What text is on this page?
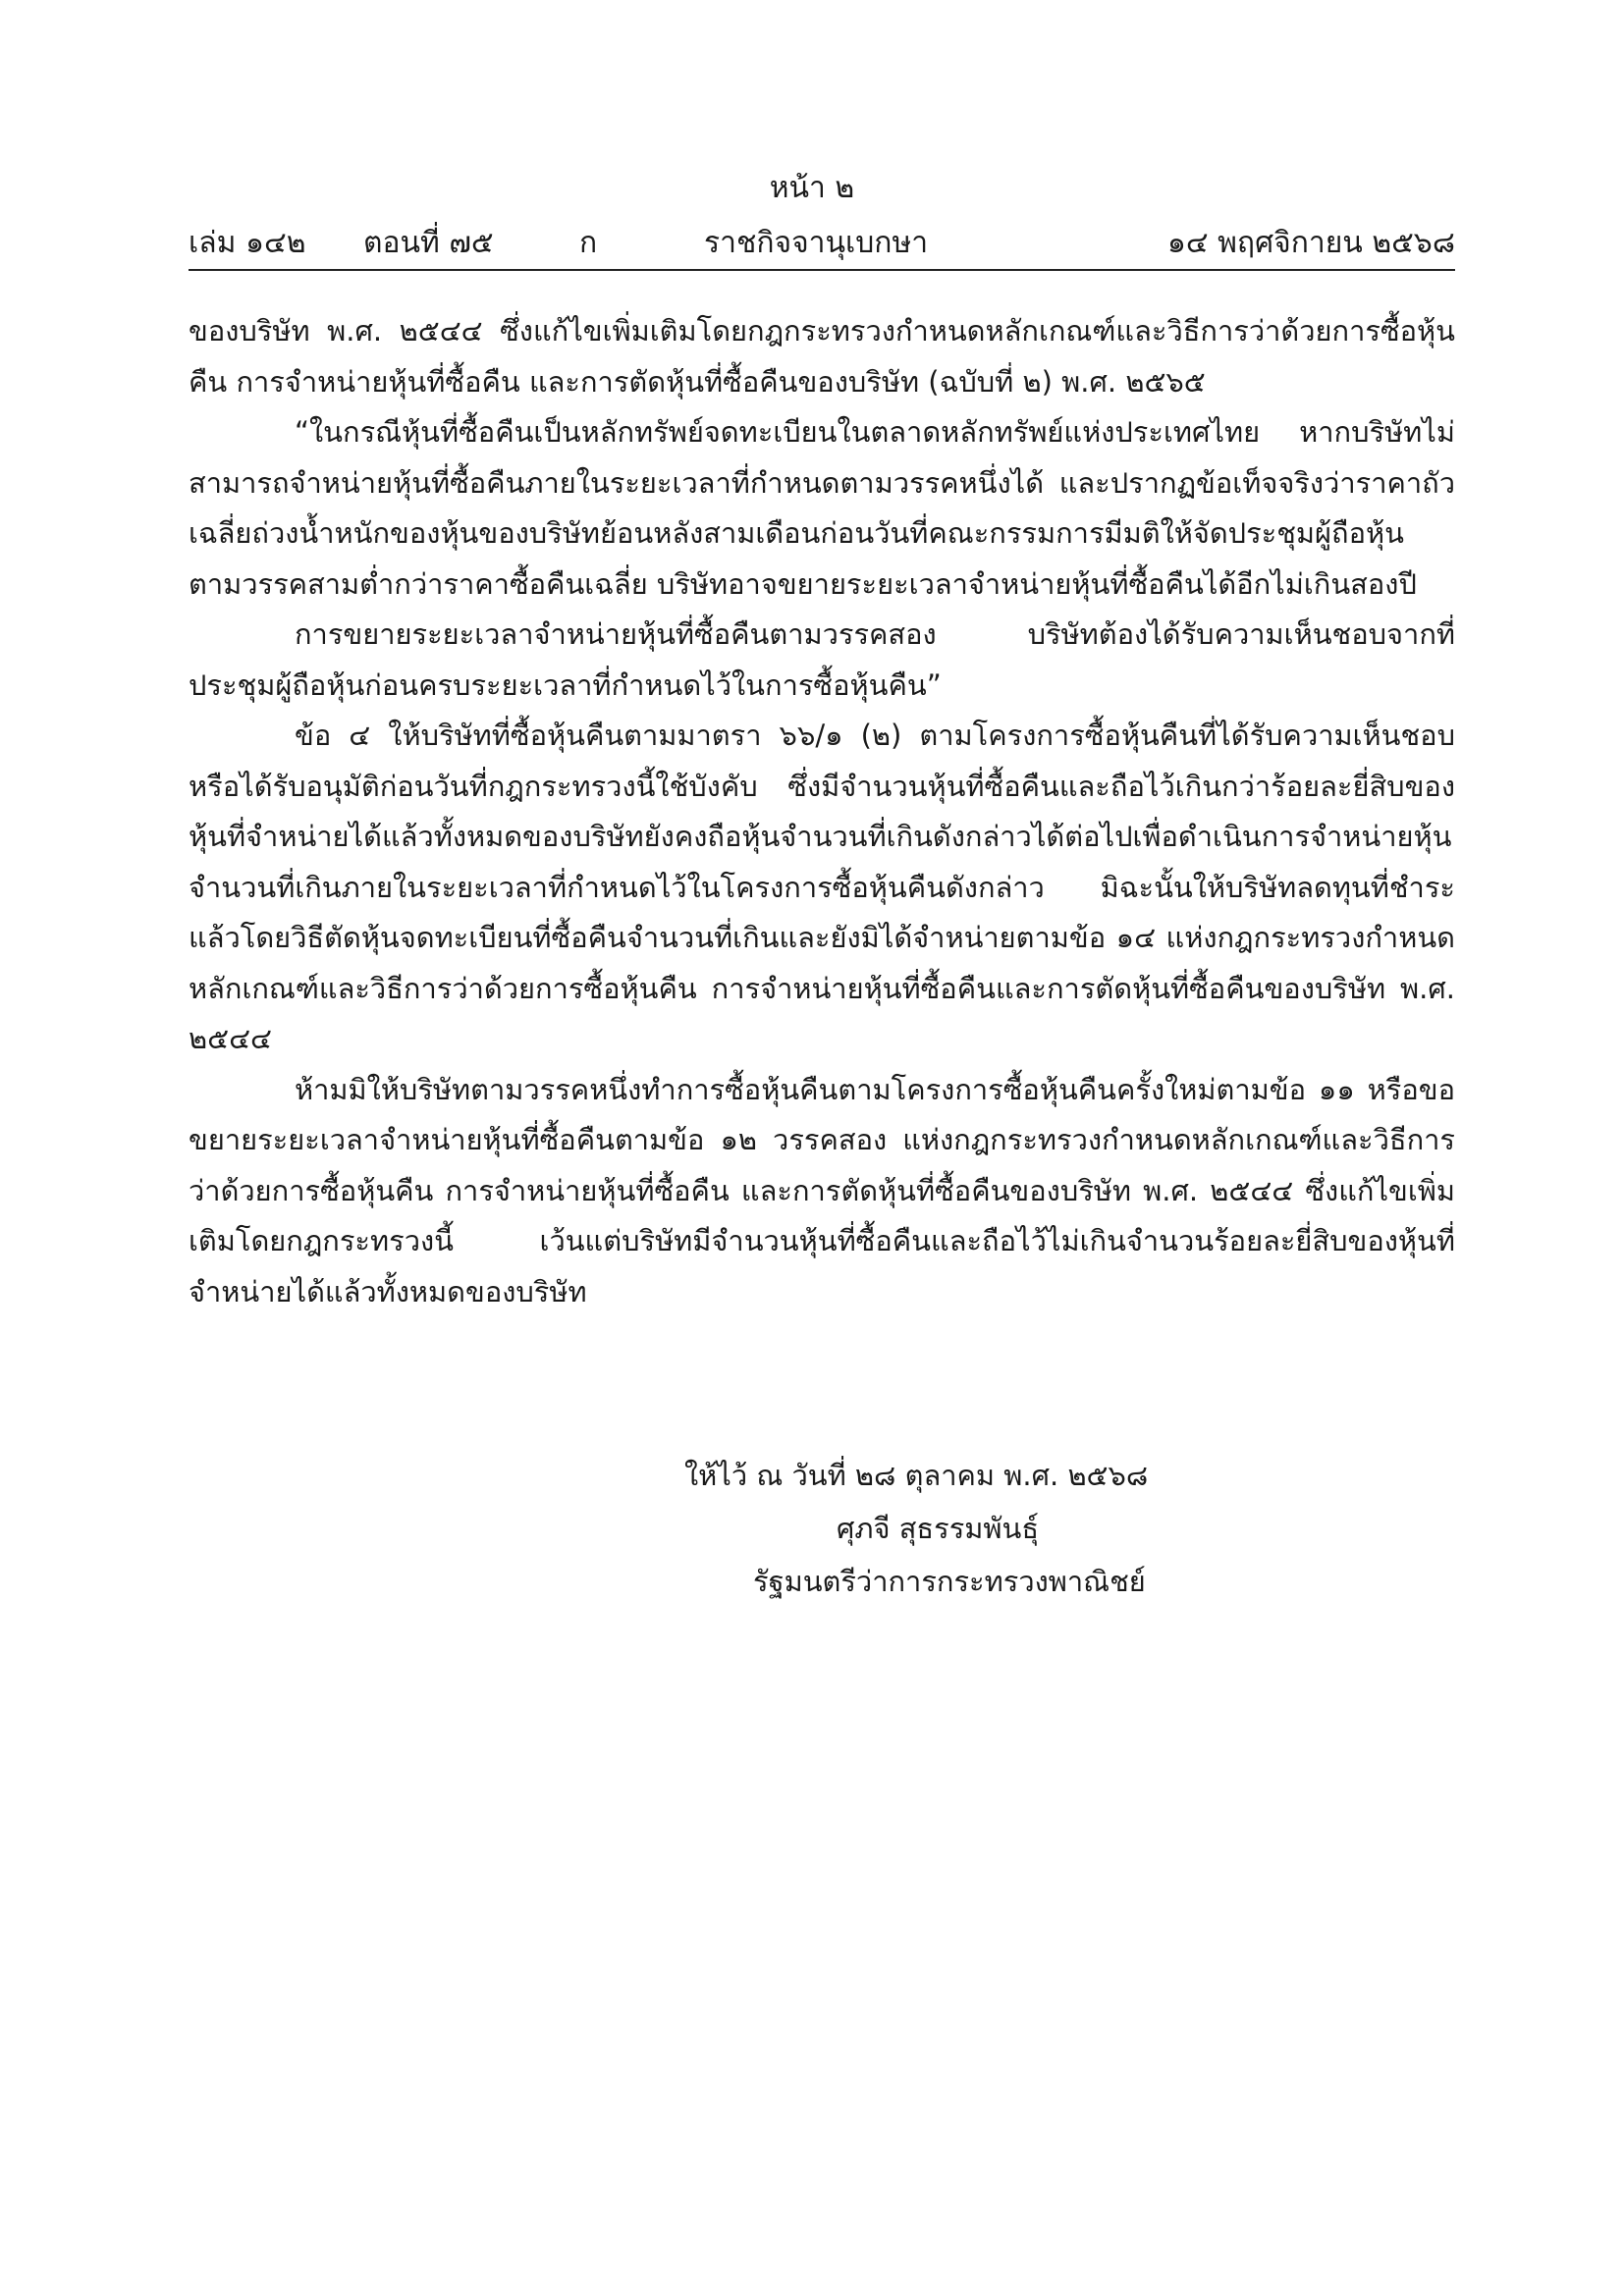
หน้า ๒
เล่ม ๑๔๒ ตอนที่ ๗๕	ก	ราชกิจจานุเบกษา	๑๔ พฤศจิกายน ๒๕๖๘

ของบริษัท พ.ศ. ๒๕๔๔ ซึ่งแก้ไขเพิ่มเติมโดยกฎกระทรวงกำหนดหลักเกณฑ์และวิธีการว่าด้วยการซื้อหุ้นคืน การจำหน่ายหุ้นที่ซื้อคืน และการตัดหุ้นที่ซื้อคืนของบริษัท (ฉบับที่ ๒) พ.ศ. ๒๕๖๕

“ในกรณีหุ้นที่ซื้อคืนเป็นหลักทรัพย์จดทะเบียนในตลาดหลักทรัพย์แห่งประเทศไทย หากบริษัทไม่สามารถจำหน่ายหุ้นที่ซื้อคืนภายในระยะเวลาที่กำหนดตามวรรคหนึ่งได้ และปรากฏข้อเท็จจริงว่าราคาถัวเฉลี่ยถ่วงน้ำหนักของหุ้นของบริษัทย้อนหลังสามเดือนก่อนวันที่คณะกรรมการมีมติให้จัดประชุมผู้ถือหุ้นตามวรรคสามต่ำกว่าราคาซื้อคืนเฉลี่ย บริษัทอาจขยายระยะเวลาจำหน่ายหุ้นที่ซื้อคืนได้อีกไม่เกินสองปี

การขยายระยะเวลาจำหน่ายหุ้นที่ซื้อคืนตามวรรคสอง บริษัทต้องได้รับความเห็นชอบจากที่ประชุมผู้ถือหุ้นก่อนครบระยะเวลาที่กำหนดไว้ในการซื้อหุ้นคืน”

ข้อ ๔ ให้บริษัทที่ซื้อหุ้นคืนตามมาตรา ๖๖/๑ (๒) ตามโครงการซื้อหุ้นคืนที่ได้รับความเห็นชอบหรือได้รับอนุมัติก่อนวันที่กฎกระทรวงนี้ใช้บังคับ ซึ่งมีจำนวนหุ้นที่ซื้อคืนและถือไว้เกินกว่าร้อยละยี่สิบของหุ้นที่จำหน่ายได้แล้วทั้งหมดของบริษัทยังคงถือหุ้นจำนวนที่เกินดังกล่าวได้ต่อไปเพื่อดำเนินการจำหน่ายหุ้นจำนวนที่เกินภายในระยะเวลาที่กำหนดไว้ในโครงการซื้อหุ้นคืนดังกล่าว มิฉะนั้นให้บริษัทลดทุนที่ชำระแล้วโดยวิธีตัดหุ้นจดทะเบียนที่ซื้อคืนจำนวนที่เกินและยังมิได้จำหน่ายตามข้อ ๑๔ แห่งกฎกระทรวงกำหนดหลักเกณฑ์และวิธีการว่าด้วยการซื้อหุ้นคืน การจำหน่ายหุ้นที่ซื้อคืนและการตัดหุ้นที่ซื้อคืนของบริษัท พ.ศ. ๒๕๔๔

ห้ามมิให้บริษัทตามวรรคหนึ่งทำการซื้อหุ้นคืนตามโครงการซื้อหุ้นคืนครั้งใหม่ตามข้อ ๑๑ หรือขอขยายระยะเวลาจำหน่ายหุ้นที่ซื้อคืนตามข้อ ๑๒ วรรคสอง แห่งกฎกระทรวงกำหนดหลักเกณฑ์และวิธีการว่าด้วยการซื้อหุ้นคืน การจำหน่ายหุ้นที่ซื้อคืน และการตัดหุ้นที่ซื้อคืนของบริษัท พ.ศ. ๒๕๔๔ ซึ่งแก้ไขเพิ่มเติมโดยกฎกระทรวงนี้ เว้นแต่บริษัทมีจำนวนหุ้นที่ซื้อคืนและถือไว้ไม่เกินจำนวนร้อยละยี่สิบของหุ้นที่จำหน่ายได้แล้วทั้งหมดของบริษัท

ให้ไว้ ณ วันที่ ๒๘ ตุลาคม พ.ศ. ๒๕๖๘
ศุภจี สุธรรมพันธุ์
รัฐมนตรีว่าการกระทรวงพาณิชย์
